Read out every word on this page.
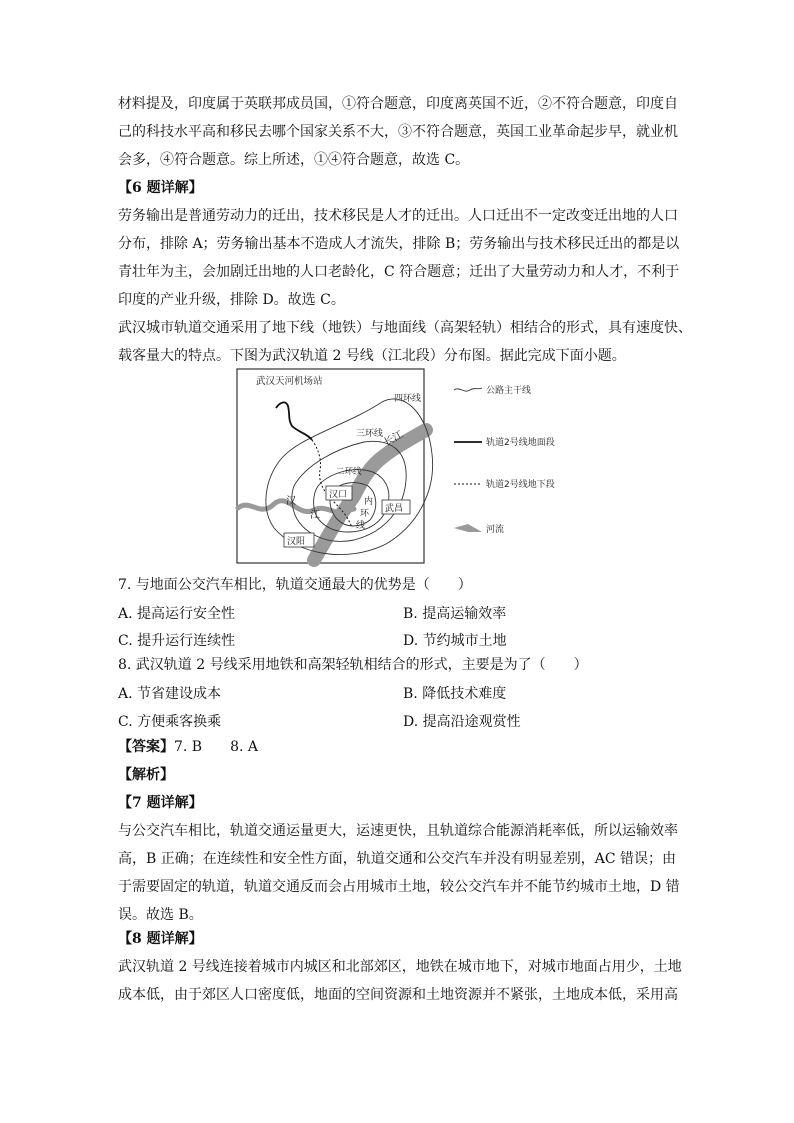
材料提及，印度属于英联邦成员国，①符合题意，印度离英国不近，②不符合题意，印度自

己的科技水平高和移民去哪个国家关系不大，③不符合题意，英国工业革命起步早，就业机

会多，④符合题意。综上所述，①④符合题意，故选 C。

【6 题详解】

劳务输出是普通劳动力的迁出，技术移民是人才的迁出。人口迁出不一定改变迁出地的人口

分布，排除 A；劳务输出基本不造成人才流失，排除 B；劳务输出与技术移民迁出的都是以

青壮年为主，会加剧迁出地的人口老龄化，C 符合题意；迁出了大量劳动力和人才，不利于

印度的产业升级，排除 D。故选 C。

武汉城市轨道交通采用了地下线（地铁）与地面线（高架轻轨）相结合的形式，具有速度快、

载客量大的特点。下图为武汉轨道 2 号线（江北段）分布图。据此完成下面小题。

武汉天河机场站
四环线
三环线
二环线
汉
江
汉口
汉阳
武昌
内
环
线
长江
公路主干线
轨道2号线地面段
轨道2号线地下段
河流

7. 与地面公交汽车相比，轨道交通最大的优势是（　　）

A. 提高运行安全性	B. 提高运输效率
C. 提升运行连续性	D. 节约城市土地

8. 武汉轨道 2 号线采用地铁和高架轻轨相结合的形式，主要是为了（　　）

A. 节省建设成本	B. 降低技术难度
C. 方便乘客换乘	D. 提高沿途观赏性

【答案】7. B　　8. A

【解析】

【7 题详解】

与公交汽车相比，轨道交通运量更大，运速更快，且轨道综合能源消耗率低，所以运输效率

高，B 正确；在连续性和安全性方面，轨道交通和公交汽车并没有明显差别，AC 错误；由

于需要固定的轨道，轨道交通反而会占用城市土地，较公交汽车并不能节约城市土地，D 错

误。故选 B。

【8 题详解】

武汉轨道 2 号线连接着城市内城区和北部郊区，地铁在城市地下，对城市地面占用少，土地

成本低，由于郊区人口密度低，地面的空间资源和土地资源并不紧张，土地成本低，采用高
